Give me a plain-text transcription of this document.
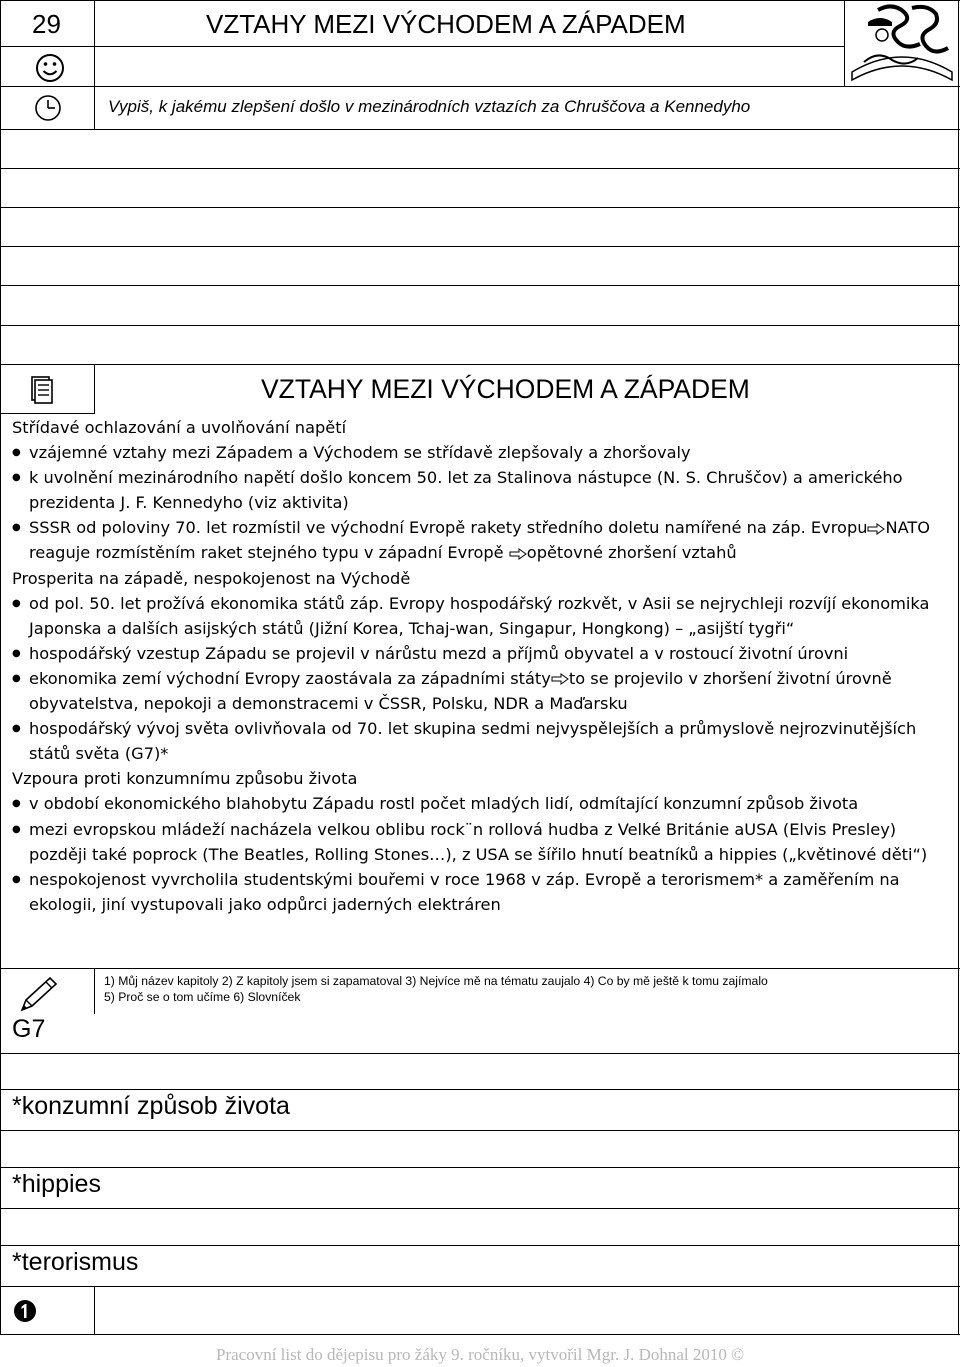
29	VZTAHY MEZI VÝCHODEM A ZÁPADEM
Vypiš, k jakému zlepšení došlo v mezinárodních vztazích za Chruščova a Kennedyho
VZTAHY MEZI VÝCHODEM A ZÁPADEM

Střídavé ochlazování a uvolňování napětí

● vzájemné vztahy mezi Západem a Východem se střídavě zlepšovaly a zhoršovaly

● k uvolnění mezinárodního napětí došlo koncem 50. let za Stalinova nástupce (N. S. Chruščov) a amerického prezidenta J. F. Kennedyho (viz aktivita)

● SSSR od poloviny 70. let rozmístil ve východní Evropě rakety středního doletu namířené na záp. Evropu NATO reaguje rozmístěním raket stejného typu v západní Evropě opětovné zhoršení vztahů

Prosperita na západě, nespokojenost na Východě

● od pol. 50. let prožívá ekonomika států záp. Evropy hospodářský rozkvět, v Asii se nejrychleji rozvíjí ekonomika Japonska a dalších asijských států (Jižní Korea, Tchaj-wan, Singapur, Hongkong) – „asijští tygři“

● hospodářský vzestup Západu se projevil v nárůstu mezd a příjmů obyvatel a v rostoucí životní úrovni

● ekonomika zemí východní Evropy zaostávala za západními státy to se projevilo v zhoršení životní úrovně obyvatelstva, nepokoji a demonstracemi v ČSSR, Polsku, NDR a Maďarsku

● hospodářský vývoj světa ovlivňovala od 70. let skupina sedmi nejvyspělejších a průmyslově nejrozvinutějších států světa (G7)*

Vzpoura proti konzumnímu způsobu života

● v období ekonomického blahobytu Západu rostl počet mladých lidí, odmítající konzumní způsob života

● mezi evropskou mládeží nacházela velkou oblibu rock¨n rollová hudba z Velké Británie aUSA (Elvis Presley) později také poprock (The Beatles, Rolling Stones…), z USA se šířilo hnutí beatníků a hippies („květinové děti“)

● nespokojenost vyvrcholila studentskými bouřemi v roce 1968 v záp. Evropě a terorismem* a zaměřením na ekologii, jiní vystupovali jako odpůrci jaderných elektráren

1) Můj název kapitoly 2) Z kapitoly jsem si zapamatoval 3) Nejvíce mě na tématu zaujalo 4) Co by mě ještě k tomu zajímalo
5) Proč se o tom učíme 6) Slovníček
G7
*konzumní způsob života
*hippies
*terorismus
Pracovní list do dějepisu pro žáky 9. ročníku, vytvořil Mgr. J. Dohnal 2010 ©
